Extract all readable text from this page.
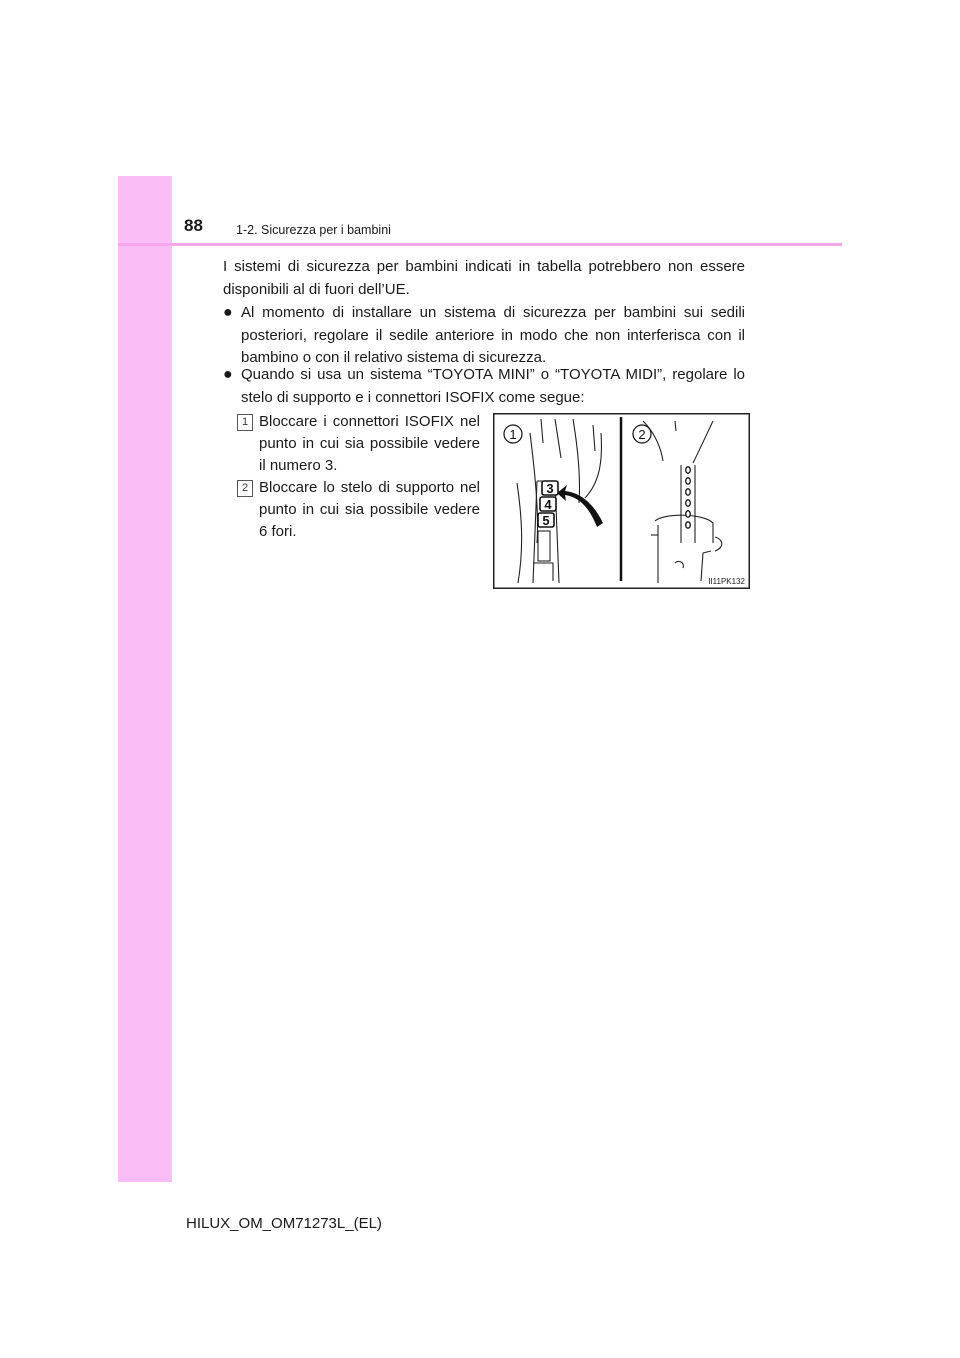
88	1-2. Sicurezza per i bambini
I sistemi di sicurezza per bambini indicati in tabella potrebbero non essere disponibili al di fuori dell’UE.
● Al momento di installare un sistema di sicurezza per bambini sui sedili posteriori, regolare il sedile anteriore in modo che non interferisca con il bambino o con il relativo sistema di sicurezza.
● Quando si usa un sistema “TOYOTA MINI” o “TOYOTA MIDI”, regolare lo stelo di supporto e i connettori ISOFIX come segue:
1 Bloccare i connettori ISOFIX nel punto in cui sia possibile vedere il numero 3.
2 Bloccare lo stelo di supporto nel punto in cui sia possibile vedere 6 fori.
3
4
5
1	2
II11PK132
HILUX_OM_OM71273L_(EL)
